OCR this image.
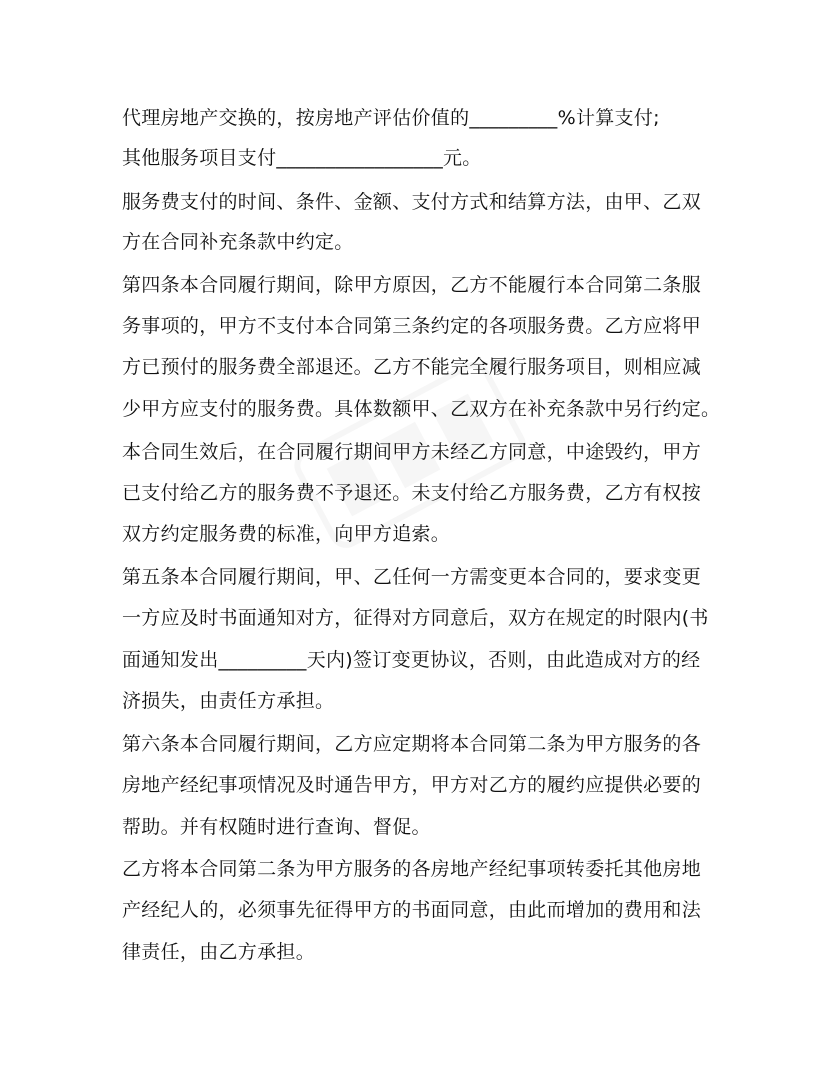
代理房地产交换的，按房地产评估价值的_________%计算支付;
其他服务项目支付_________________元。
服务费支付的时间、条件、金额、支付方式和结算方法，由甲、乙双
方在合同补充条款中约定。
第四条本合同履行期间，除甲方原因，乙方不能履行本合同第二条服
务事项的，甲方不支付本合同第三条约定的各项服务费。乙方应将甲
方已预付的服务费全部退还。乙方不能完全履行服务项目，则相应减
少甲方应支付的服务费。具体数额甲、乙双方在补充条款中另行约定。
本合同生效后，在合同履行期间甲方未经乙方同意，中途毁约，甲方
已支付给乙方的服务费不予退还。未支付给乙方服务费，乙方有权按
双方约定服务费的标准，向甲方追索。
第五条本合同履行期间，甲、乙任何一方需变更本合同的，要求变更
一方应及时书面通知对方，征得对方同意后，双方在规定的时限内(书
面通知发出_________天内)签订变更协议，否则，由此造成对方的经
济损失，由责任方承担。
第六条本合同履行期间，乙方应定期将本合同第二条为甲方服务的各
房地产经纪事项情况及时通告甲方，甲方对乙方的履约应提供必要的
帮助。并有权随时进行查询、督促。
乙方将本合同第二条为甲方服务的各房地产经纪事项转委托其他房地
产经纪人的，必须事先征得甲方的书面同意，由此而增加的费用和法
律责任，由乙方承担。
